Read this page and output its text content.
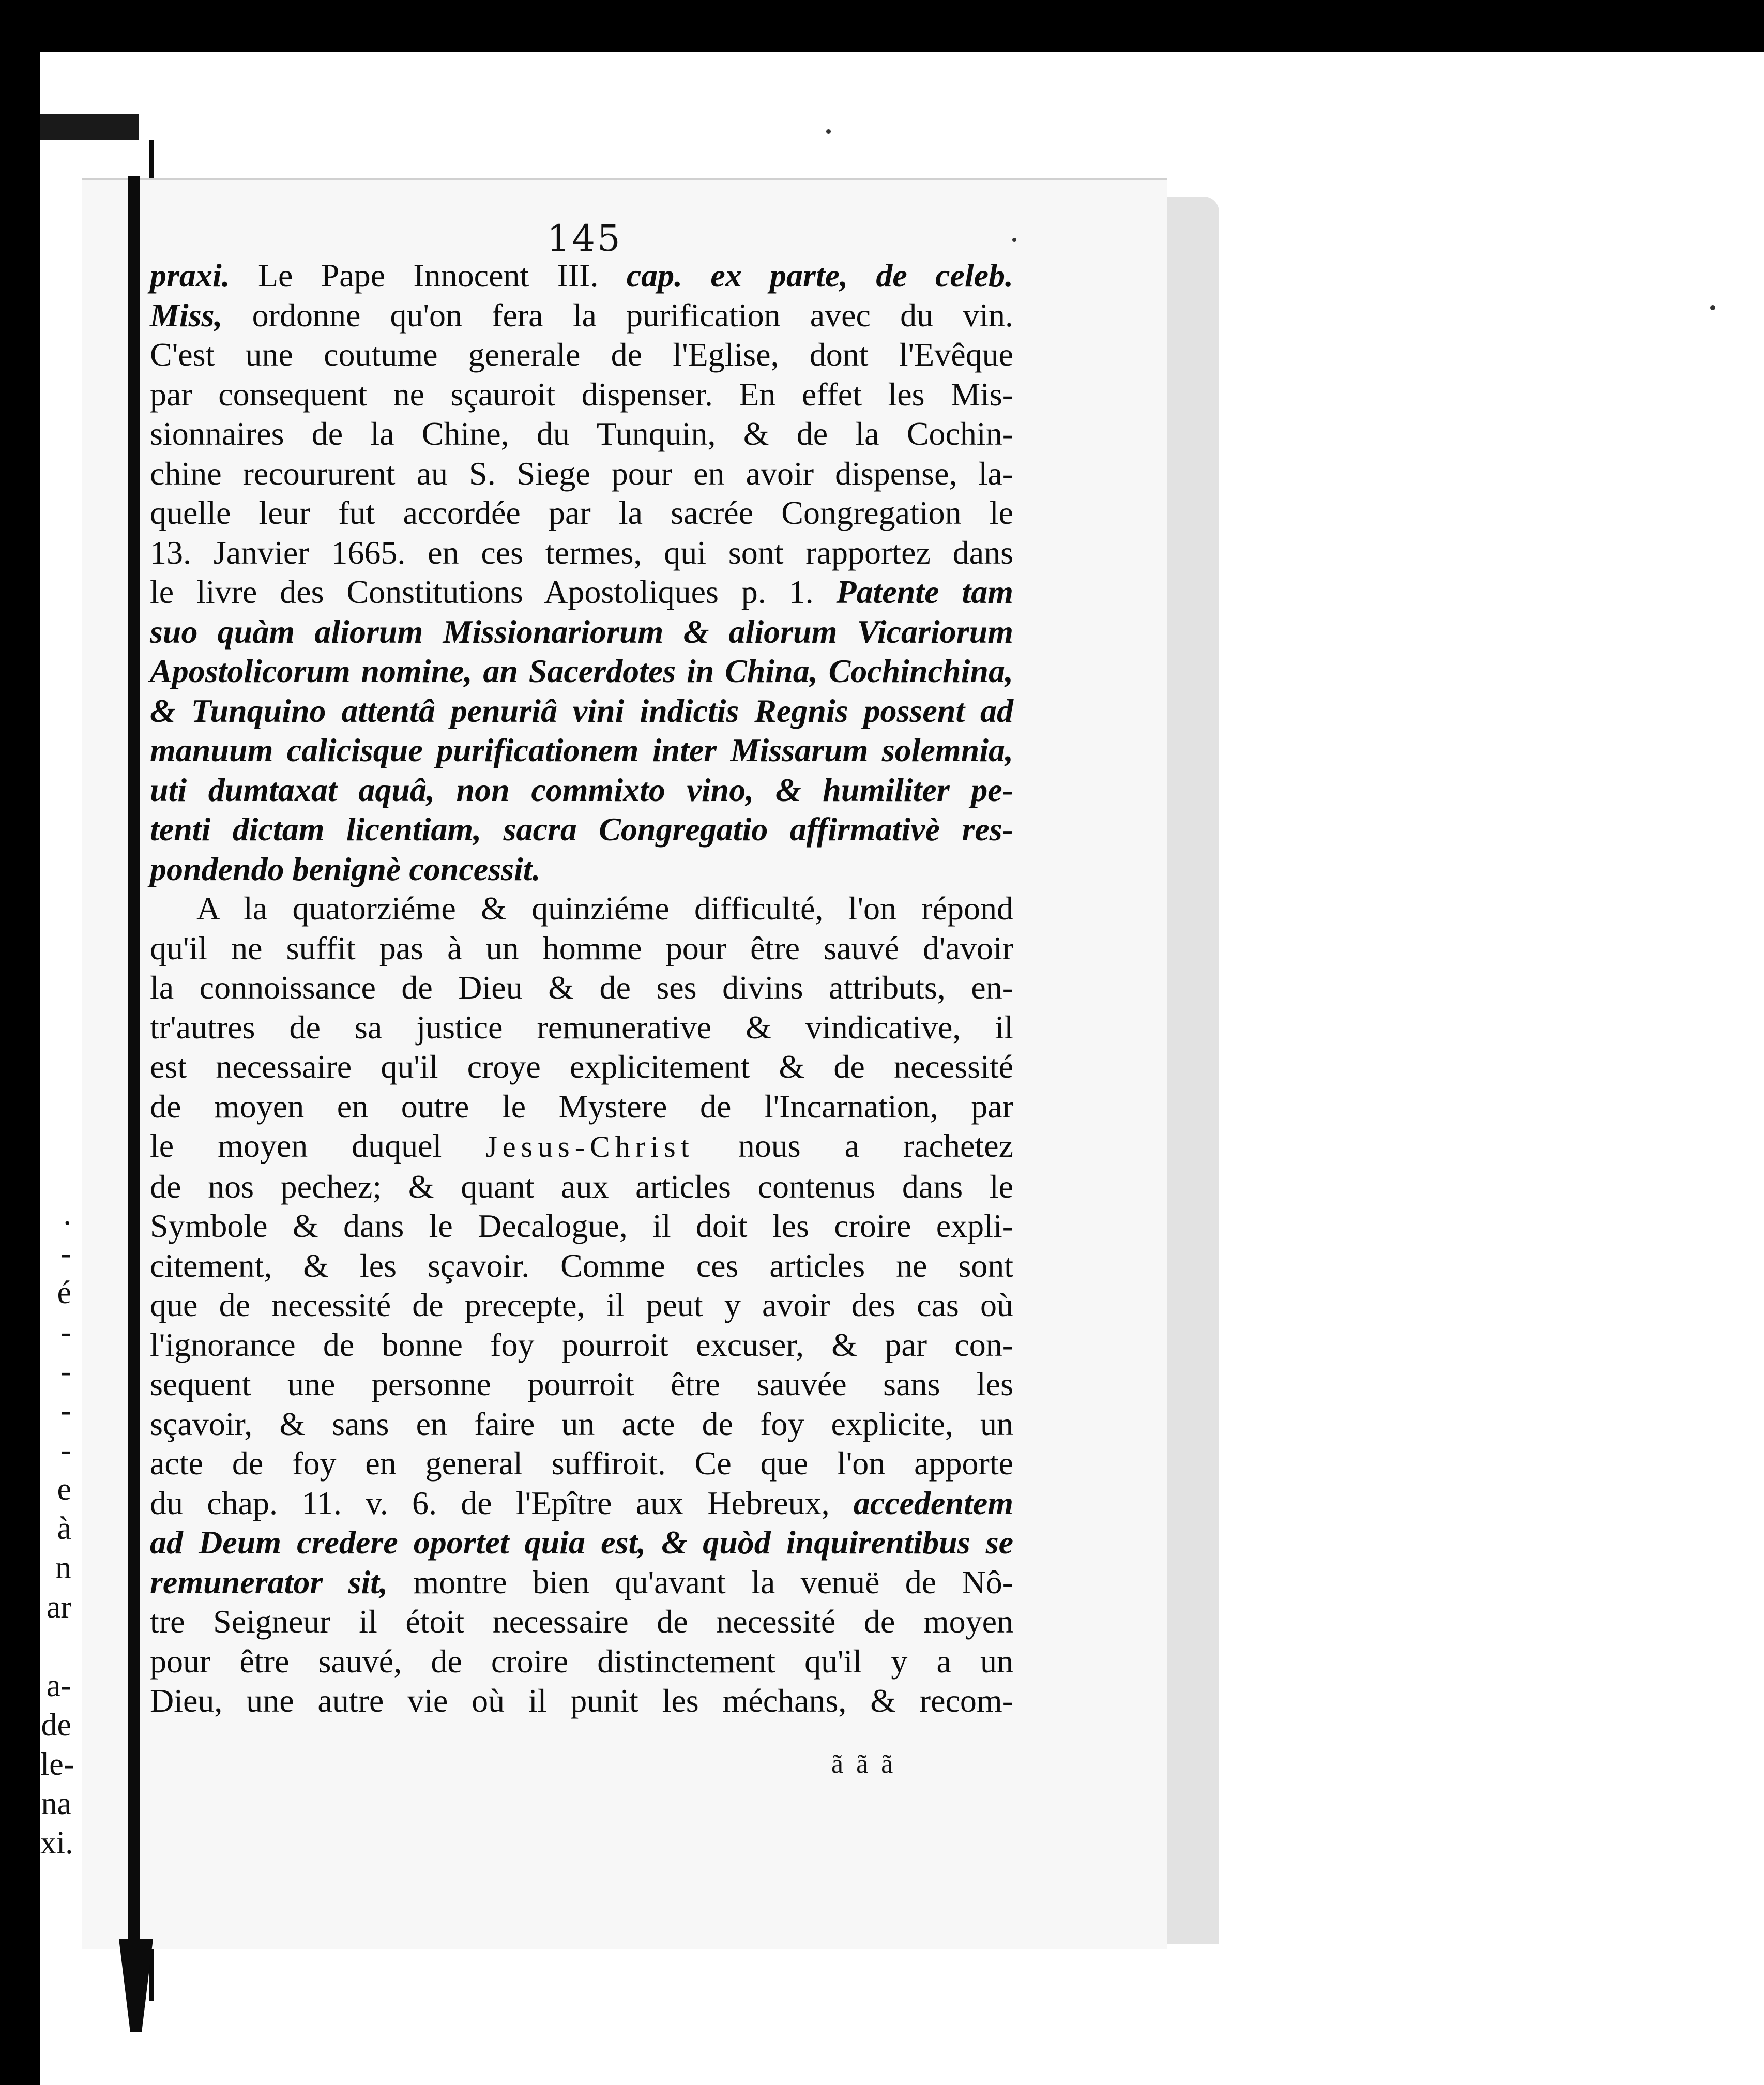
.
-
é
-
-
-
-
e
à
n
ar
a-
de
le-
na
xi.
145
praxi. Le Pape Innocent III. cap. ex parte, de celeb.
Miss, ordonne qu'on fera la purification avec du vin.
C'est une coutume generale de l'Eglise, dont l'Evêque
par consequent ne sçauroit dispenser. En effet les Mis-
sionnaires de la Chine, du Tunquin, & de la Cochin-
chine recoururent au S. Siege pour en avoir dispense, la-
quelle leur fut accordée par la sacrée Congregation le
13. Janvier 1665. en ces termes, qui sont rapportez dans
le livre des Constitutions Apostoliques p. 1. Patente tam
suo quàm aliorum Missionariorum & aliorum Vicariorum
Apostolicorum nomine, an Sacerdotes in China, Cochinchina,
& Tunquino attentâ penuriâ vini indictis Regnis possent ad
manuum calicisque purificationem inter Missarum solemnia,
uti dumtaxat aquâ, non commixto vino, & humiliter pe-
tenti dictam licentiam, sacra Congregatio affirmativè res-
pondendo benignè concessit.
A la quatorziéme & quinziéme difficulté, l'on répond
qu'il ne suffit pas à un homme pour être sauvé d'avoir
la connoissance de Dieu & de ses divins attributs, en-
tr'autres de sa justice remunerative & vindicative, il
est necessaire qu'il croye explicitement & de necessité
de moyen en outre le Mystere de l'Incarnation, par
le moyen duquel Jesus-Christ nous a rachetez
de nos pechez; & quant aux articles contenus dans le
Symbole & dans le Decalogue, il doit les croire expli-
citement, & les sçavoir. Comme ces articles ne sont
que de necessité de precepte, il peut y avoir des cas où
l'ignorance de bonne foy pourroit excuser, & par con-
sequent une personne pourroit être sauvée sans les
sçavoir, & sans en faire un acte de foy explicite, un
acte de foy en general suffiroit. Ce que l'on apporte
du chap. 11. v. 6. de l'Epître aux Hebreux, accedentem
ad Deum credere oportet quia est, & quòd inquirentibus se
remunerator sit, montre bien qu'avant la venuë de Nô-
tre Seigneur il étoit necessaire de necessité de moyen
pour être sauvé, de croire distinctement qu'il y a un
Dieu, une autre vie où il punit les méchans, & recom-
ã ã ã
